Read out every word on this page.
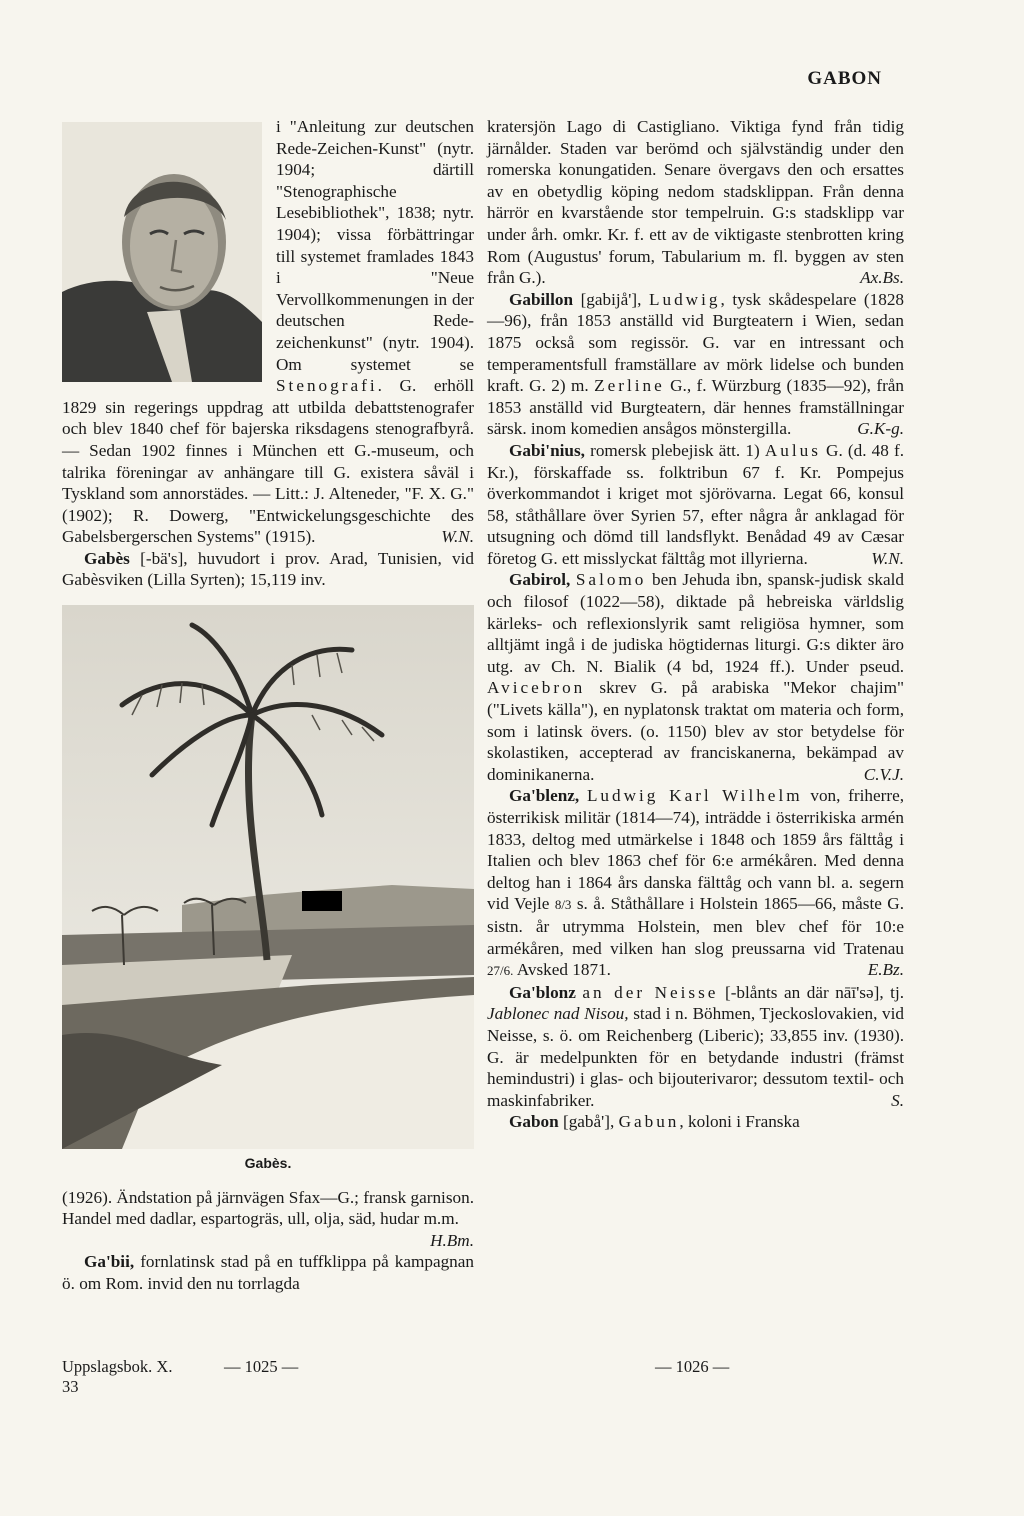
GABON

i "Anleitung zur deutschen Rede-Zeichen-Kunst" (nytr. 1904; därtill "Stenographische Lesebibliothek", 1838; nytr. 1904); vissa förbättringar till systemet framlades 1843 i "Neue Vervollkommenungen in der deutschen Rede-zeichenkunst" (nytr. 1904). Om systemet se Stenografi. G. erhöll 1829 sin regerings uppdrag att utbilda debattstenografer och blev 1840 chef för bajerska riksdagens stenografbyrå. — Sedan 1902 finnes i München ett G.-museum, och talrika föreningar av anhängare till G. existera såväl i Tyskland som annorstädes. — Litt.: J. Alteneder, "F. X. G." (1902); R. Dowerg, "Entwickelungsgeschichte des Gabelsbergerschen Systems" (1915).	W.N.

Gabès [-bä's], huvudort i prov. Arad, Tunisien, vid Gabèsviken (Lilla Syrten); 15,119 inv.

Gabès.

(1926). Ändstation på järnvägen Sfax—G.; fransk garnison. Handel med dadlar, espartogräs, ull, olja, säd, hudar m.m.
H.Bm.

Ga'bii, fornlatinsk stad på en tuffklippa på kampagnan ö. om Rom. invid den nu torrlagda

kratersjön Lago di Castigliano. Viktiga fynd från tidig järnålder. Staden var berömd och självständig under den romerska konungatiden. Senare övergavs den och ersattes av en obetydlig köping nedom stadsklippan. Från denna härrör en kvarstående stor tempelruin. G:s stadsklipp var under årh. omkr. Kr. f. ett av de viktigaste stenbrotten kring Rom (Augustus' forum, Tabularium m. fl. byggen av sten från G.).	Ax.Bs.

Gabillon [gabijå'], Ludwig, tysk skådespelare (1828—96), från 1853 anställd vid Burgteatern i Wien, sedan 1875 också som regissör. G. var en intressant och temperamentsfull framställare av mörk lidelse och bunden kraft. G. 2) m. Zerline G., f. Würzburg (1835—92), från 1853 anställd vid Burgteatern, där hennes framställningar särsk. inom komedien ansågos mönstergilla.	G.K-g.

Gabi'nius, romersk plebejisk ätt. 1) Aulus G. (d. 48 f. Kr.), förskaffade ss. folktribun 67 f. Kr. Pompejus överkommandot i kriget mot sjörövarna. Legat 66, konsul 58, ståthållare över Syrien 57, efter några år anklagad för utsugning och dömd till landsflykt. Benådad 49 av Cæsar företog G. ett misslyckat fälttåg mot illyrierna.	W.N.

Gabirol, Salomo ben Jehuda ibn, spansk-judisk skald och filosof (1022—58), diktade på hebreiska världslig kärleks- och reflexionslyrik samt religiösa hymner, som alltjämt ingå i de judiska högtidernas liturgi. G:s dikter äro utg. av Ch. N. Bialik (4 bd, 1924 ff.). Under pseud. Avicebron skrev G. på arabiska "Mekor chajim" ("Livets källa"), en nyplatonsk traktat om materia och form, som i latinsk övers. (o. 1150) blev av stor betydelse för skolastiken, accepterad av franciskanerna, bekämpad av dominikanerna.	C.V.J.

Ga'blenz, Ludwig Karl Wilhelm von, friherre, österrikisk militär (1814—74), inträdde i österrikiska armén 1833, deltog med utmärkelse i 1848 och 1859 års fälttåg i Italien och blev 1863 chef för 6:e armékåren. Med denna deltog han i 1864 års danska fälttåg och vann bl. a. segern vid Vejle 8/3 s. å. Ståthållare i Holstein 1865—66, måste G. sistn. år utrymma Holstein, men blev chef för 10:e armékåren, med vilken han slog preussarna vid Tratenau 27/6. Avsked 1871.	E.Bz.

Ga'blonz an der Neisse [-blånts an där nāī'sə], tj. Jablonec nad Nisou, stad i n. Böhmen, Tjeckoslovakien, vid Neisse, s. ö. om Reichenberg (Liberic); 33,855 inv. (1930). G. är medelpunkten för en betydande industri (främst hemindustri) i glas- och bijouterivaror; dessutom textil- och maskinfabriker.	S.

Gabon [gabå'], Gabun, koloni i Franska

Uppslagsbok. X.
33
— 1025 —	— 1026 —
